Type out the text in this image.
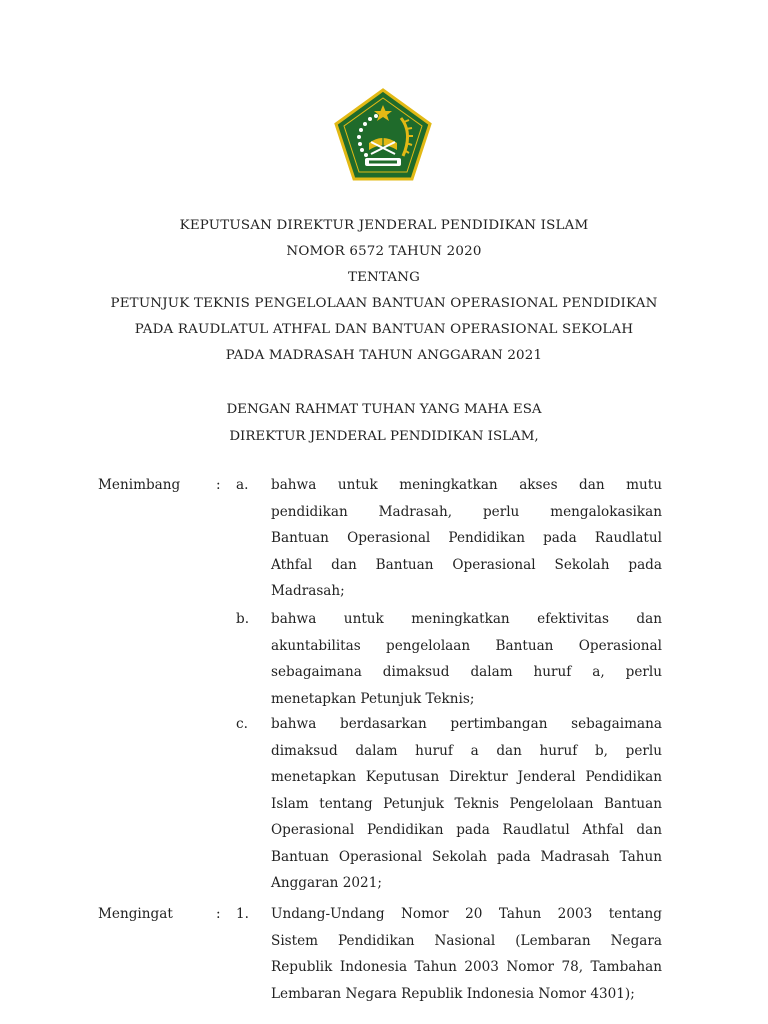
KEPUTUSAN DIREKTUR JENDERAL PENDIDIKAN ISLAM
NOMOR 6572 TAHUN 2020
TENTANG
PETUNJUK TEKNIS PENGELOLAAN BANTUAN OPERASIONAL PENDIDIKAN
PADA RAUDLATUL ATHFAL DAN BANTUAN OPERASIONAL SEKOLAH
PADA MADRASAH TAHUN ANGGARAN 2021
DENGAN RAHMAT TUHAN YANG MAHA ESA
DIREKTUR JENDERAL PENDIDIKAN ISLAM,
Menimbang	: a. bahwa untuk meningkatkan akses dan mutu
pendidikan Madrasah, perlu mengalokasikan
Bantuan Operasional Pendidikan pada Raudlatul
Athfal dan Bantuan Operasional Sekolah pada
Madrasah;
b. bahwa untuk meningkatkan efektivitas dan
akuntabilitas pengelolaan Bantuan Operasional
sebagaimana dimaksud dalam huruf a, perlu
menetapkan Petunjuk Teknis;
c. bahwa berdasarkan pertimbangan sebagaimana
dimaksud dalam huruf a dan huruf b, perlu
menetapkan Keputusan Direktur Jenderal Pendidikan
Islam tentang Petunjuk Teknis Pengelolaan Bantuan
Operasional Pendidikan pada Raudlatul Athfal dan
Bantuan Operasional Sekolah pada Madrasah Tahun
Anggaran 2021;
Mengingat	: 1. Undang-Undang Nomor 20 Tahun 2003 tentang
Sistem Pendidikan Nasional (Lembaran Negara
Republik Indonesia Tahun 2003 Nomor 78, Tambahan
Lembaran Negara Republik Indonesia Nomor 4301);
